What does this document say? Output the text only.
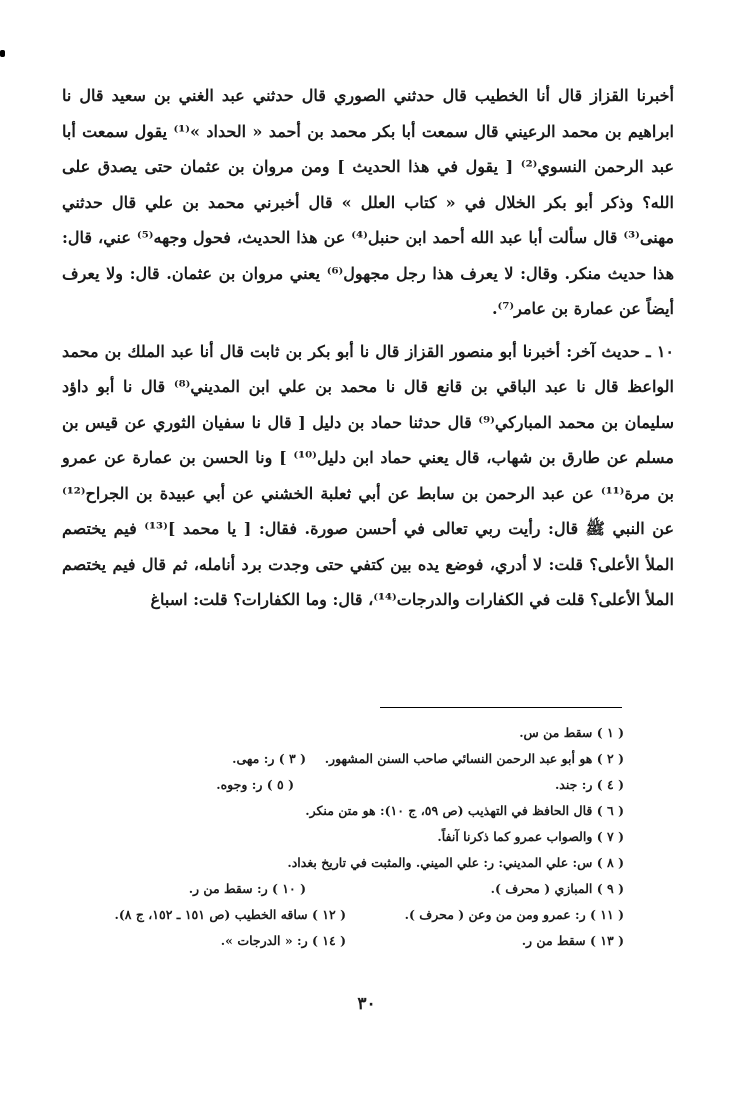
أخبرنا القزاز قال أنا الخطيب قال حدثني الصوري قال حدثني عبد الغني بن سعيد قال نا ابراهيم بن محمد الرعيني قال سمعت أبا بكر محمد بن أحمد « الحداد »⁽¹⁾ يقول سمعت أبا عبد الرحمن النسوي⁽²⁾ [ يقول في هذا الحديث ] ومن مروان بن عثمان حتى يصدق على الله؟ وذكر أبو بكر الخلال في « كتاب العلل » قال أخبرني محمد بن علي قال حدثني مهنى⁽³⁾ قال سألت أبا عبد الله أحمد ابن حنبل⁽⁴⁾ عن هذا الحديث، فحول وجهه⁽⁵⁾ عني، قال: هذا حديث منكر. وقال: لا يعرف هذا رجل مجهول⁽⁶⁾ يعني مروان بن عثمان. قال: ولا يعرف أيضاً عن عمارة بن عامر⁽⁷⁾.

١٠ ـ حديث آخر: أخبرنا أبو منصور القزاز قال نا أبو بكر بن ثابت قال أنا عبد الملك بن محمد الواعظ قال نا عبد الباقي بن قانع قال نا محمد بن علي ابن المديني⁽⁸⁾ قال نا أبو داؤد سليمان بن محمد المباركي⁽⁹⁾ قال حدثنا حماد بن دليل [ قال نا سفيان الثوري عن قيس بن مسلم عن طارق بن شهاب، قال يعني حماد ابن دليل⁽¹⁰⁾ ] ونا الحسن بن عمارة عن عمرو بن مرة⁽¹¹⁾ عن عبد الرحمن بن سابط عن أبي ثعلبة الخشني عن أبي عبيدة بن الجراح⁽¹²⁾ عن النبي ﷺ قال: رأيت ربي تعالى في أحسن صورة. فقال: [ يا محمد ]⁽¹³⁾ فيم يختصم الملأ الأعلى؟ قلت: لا أدري، فوضع يده بين كتفي حتى وجدت برد أنامله، ثم قال فيم يختصم الملأ الأعلى؟ قلت في الكفارات والدرجات⁽¹⁴⁾، قال: وما الكفارات؟ قلت: اسباغ

( ١ ) سقط من س.
( ٢ ) هو أبو عبد الرحمن النسائي صاحب السنن المشهور.
( ٣ ) ر: مهى.
( ٤ ) ر: جند.
( ٥ ) ر: وجوه.
( ٦ ) قال الحافظ في التهذيب (ص ٥٩، ج ١٠): هو متن منكر.
( ٧ ) والصواب عمرو كما ذكرنا آنفاً.
( ٨ ) س: علي المديني: ر: علي الميني. والمثبت في تاريخ بغداد.
( ٩ ) المبازي ( محرف ).
( ١٠ ) ر: سقط من ر.
( ١١ ) ر: عمرو ومن من وعن ( محرف ).
( ١٢ ) ساقه الخطيب (ص ١٥١ ـ ١٥٢، ج ٨).
( ١٣ ) سقط من ر.
( ١٤ ) ر: « الدرجات ».
٣٠
